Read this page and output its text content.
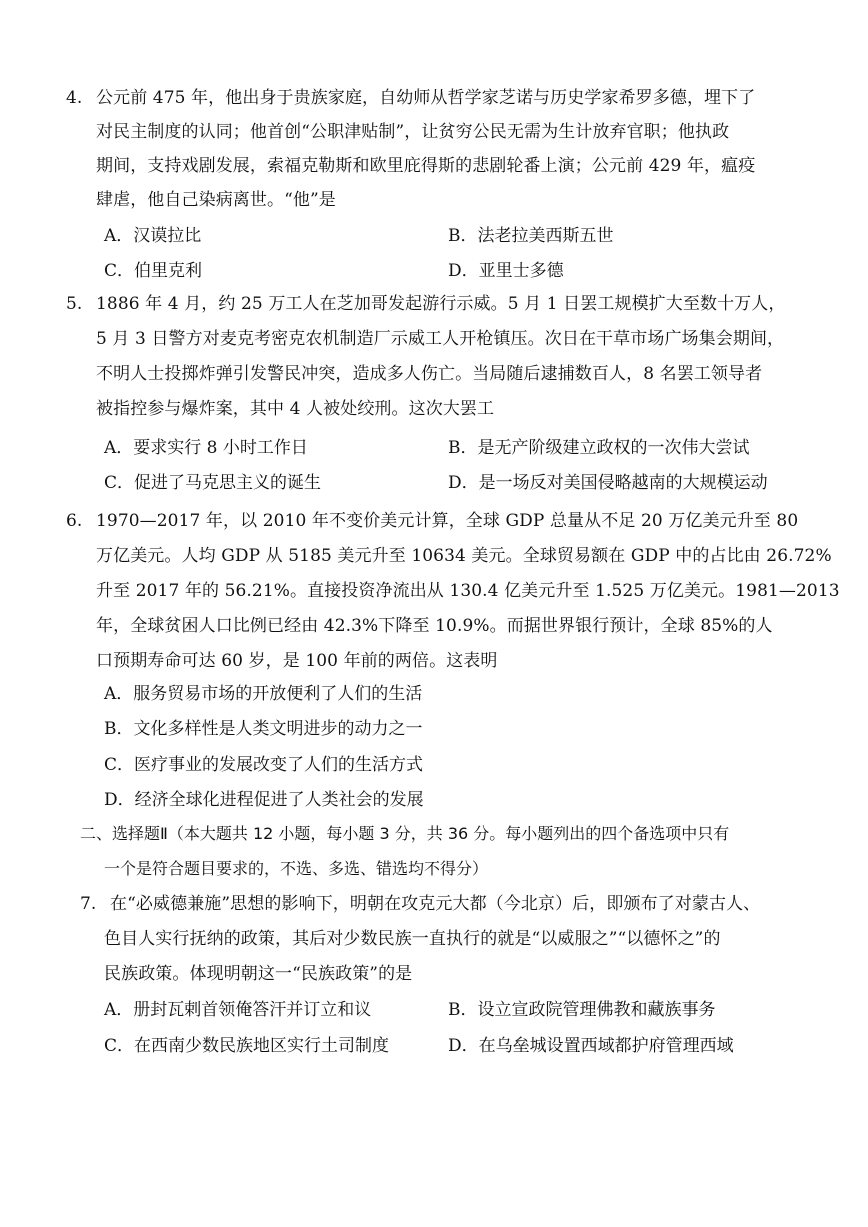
4. 公元前 475 年，他出身于贵族家庭，自幼师从哲学家芝诺与历史学家希罗多德，埋下了
对民主制度的认同；他首创“公职津贴制”，让贫穷公民无需为生计放弃官职；他执政
期间，支持戏剧发展，索福克勒斯和欧里庇得斯的悲剧轮番上演；公元前 429 年，瘟疫
肆虐，他自己染病离世。“他”是
A．汉谟拉比	B．法老拉美西斯五世
C．伯里克利	D．亚里士多德
5. 1886 年 4 月，约 25 万工人在芝加哥发起游行示威。5 月 1 日罢工规模扩大至数十万人，
5 月 3 日警方对麦克考密克农机制造厂示威工人开枪镇压。次日在干草市场广场集会期间，
不明人士投掷炸弹引发警民冲突，造成多人伤亡。当局随后逮捕数百人，8 名罢工领导者
被指控参与爆炸案，其中 4 人被处绞刑。这次大罢工
A．要求实行 8 小时工作日	B．是无产阶级建立政权的一次伟大尝试
C．促进了马克思主义的诞生	D．是一场反对美国侵略越南的大规模运动
6. 1970—2017 年，以 2010 年不变价美元计算，全球 GDP 总量从不足 20 万亿美元升至 80
万亿美元。人均 GDP 从 5185 美元升至 10634 美元。全球贸易额在 GDP 中的占比由 26.72%
升至 2017 年的 56.21%。直接投资净流出从 130.4 亿美元升至 1.525 万亿美元。1981—2013
年，全球贫困人口比例已经由 42.3%下降至 10.9%。而据世界银行预计，全球 85%的人
口预期寿命可达 60 岁，是 100 年前的两倍。这表明
A．服务贸易市场的开放便利了人们的生活
B．文化多样性是人类文明进步的动力之一
C．医疗事业的发展改变了人们的生活方式
D．经济全球化进程促进了人类社会的发展
二、选择题Ⅱ（本大题共 12 小题，每小题 3 分，共 36 分。每小题列出的四个备选项中只有
一个是符合题目要求的，不选、多选、错选均不得分）
7. 在“必威德兼施”思想的影响下，明朝在攻克元大都（今北京）后，即颁布了对蒙古人、
色目人实行抚纳的政策，其后对少数民族一直执行的就是“以威服之”“以德怀之”的
民族政策。体现明朝这一“民族政策”的是
A．册封瓦剌首领俺答汗并订立和议	B．设立宣政院管理佛教和藏族事务
C．在西南少数民族地区实行土司制度	D．在乌垒城设置西域都护府管理西域
